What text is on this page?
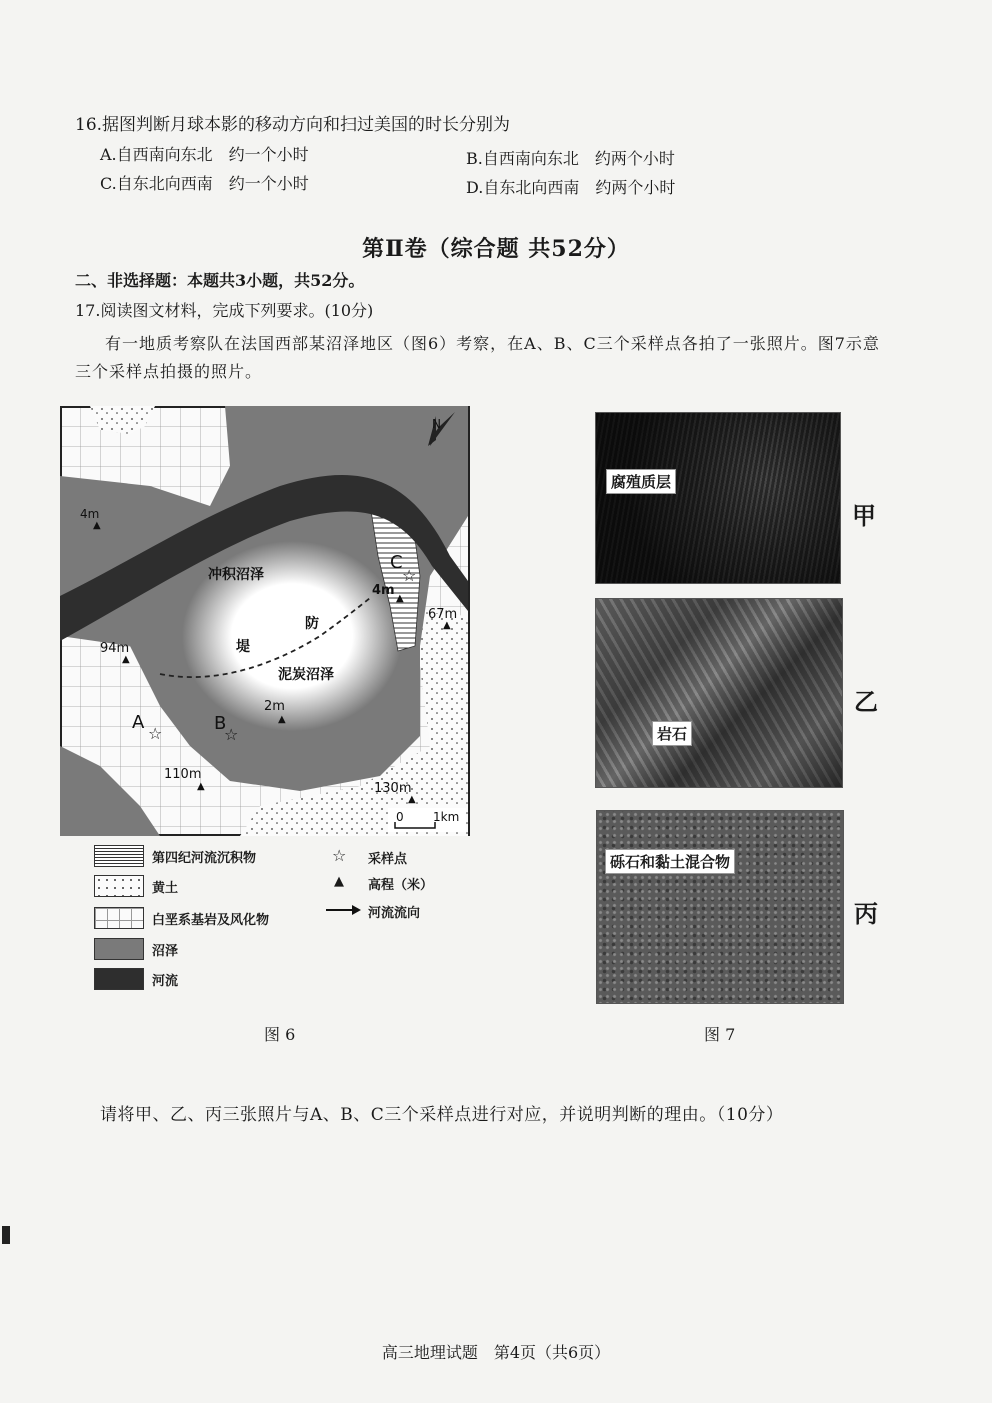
16.据图判断月球本影的移动方向和扫过美国的时长分别为
A.自西南向东北　约一个小时	B.自西南向东北　约两个小时
C.自东北向西南　约一个小时	D.自东北向西南　约两个小时
第Ⅱ卷（综合题 共52分）
二、非选择题：本题共3小题，共52分。
17.阅读图文材料，完成下列要求。(10分)
有一地质考察队在法国西部某沼泽地区（图6）考察，在A、B、C三个采样点各拍了一张照片。图7示意三个采样点拍摄的照片。
冲积沼泽
泥炭沼泽
堤
防
A	B
C
☆	☆
☆
4m
▲
4m
▲
67m
▲
94m
▲
2m
▲
110m
▲	130m
▲
0 1km
N
第四纪河流沉积物
黄土
白垩系基岩及风化物
沼泽
河流
☆ 采样点
▲ 高程（米）
河流流向
图 6
腐殖质层
甲
岩石
乙
砾石和黏土混合物
丙
图 7
请将甲、乙、丙三张照片与A、B、C三个采样点进行对应，并说明判断的理由。（10分）
高三地理试题　第4页（共6页）
